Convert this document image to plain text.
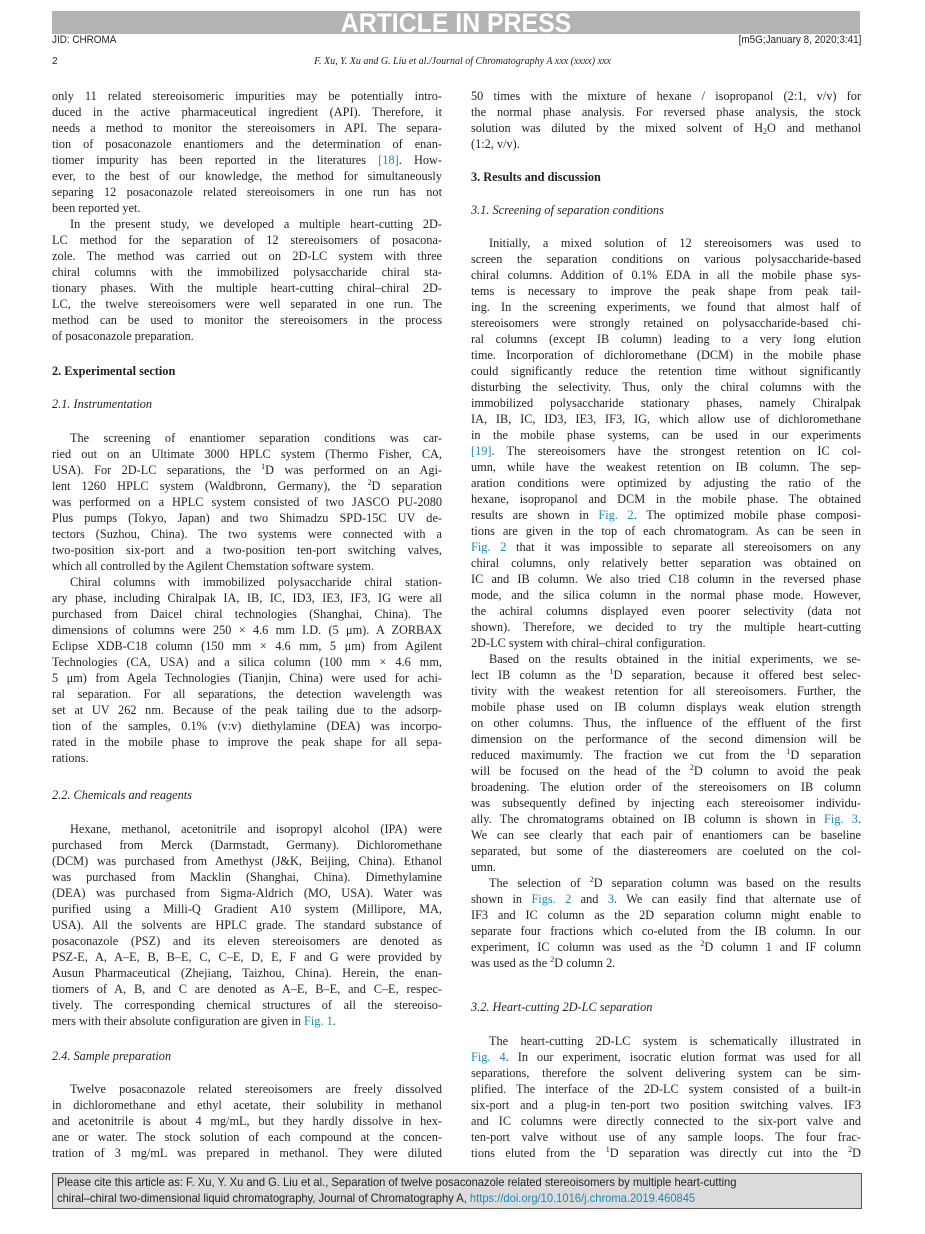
ARTICLE IN PRESS
JID: CHROMA	[m5G;January 8, 2020;3:41]
2	F. Xu, Y. Xu and G. Liu et al./Journal of Chromatography A xxx (xxxx) xxx
only 11 related stereoisomeric impurities may be potentially intro-
duced in the active pharmaceutical ingredient (API). Therefore, it
needs a method to monitor the stereoisomers in API. The separa-
tion of posaconazole enantiomers and the determination of enan-
tiomer impurity has been reported in the literatures [18]. How-
ever, to the best of our knowledge, the method for simultaneously
separing 12 posaconazole related stereoisomers in one run has not
been reported yet.
In the present study, we developed a multiple heart-cutting 2D-
LC method for the separation of 12 stereoisomers of posacona-
zole. The method was carried out on 2D-LC system with three
chiral columns with the immobilized polysaccharide chiral sta-
tionary phases. With the multiple heart-cutting chiral–chiral 2D-
LC, the twelve stereoisomers were well separated in one run. The
method can be used to monitor the stereoisomers in the process
of posaconazole preparation.
2. Experimental section
2.1. Instrumentation
The screening of enantiomer separation conditions was car-
ried out on an Ultimate 3000 HPLC system (Thermo Fisher, CA,
USA). For 2D-LC separations, the $^1$D was performed on an Agi-
lent 1260 HPLC system (Waldbronn, Germany), the $^2$D separation
was performed on a HPLC system consisted of two JASCO PU-2080
Plus pumps (Tokyo, Japan) and two Shimadzu SPD-15C UV de-
tectors (Suzhou, China). The two systems were connected with a
two-position six-port and a two-position ten-port switching valves,
which all controlled by the Agilent Chemstation software system.
Chiral columns with immobilized polysaccharide chiral station-
ary phase, including Chiralpak IA, IB, IC, ID3, IE3, IF3, IG were all
purchased from Daicel chiral technologies (Shanghai, China). The
dimensions of columns were 250 × 4.6 mm I.D. (5 μm). A ZORBAX
Eclipse XDB-C18 column (150 mm × 4.6 mm, 5 μm) from Agilent
Technologies (CA, USA) and a silica column (100 mm × 4.6 mm,
5 μm) from Agela Technologies (Tianjin, China) were used for achi-
ral separation. For all separations, the detection wavelength was
set at UV 262 nm. Because of the peak tailing due to the adsorp-
tion of the samples, 0.1% (v:v) diethylamine (DEA) was incorpo-
rated in the mobile phase to improve the peak shape for all sepa-
rations.
2.2. Chemicals and reagents
Hexane, methanol, acetonitrile and isopropyl alcohol (IPA) were
purchased from Merck (Darmstadt, Germany). Dichloromethane
(DCM) was purchased from Amethyst (J&K, Beijing, China). Ethanol
was purchased from Macklin (Shanghai, China). Dimethylamine
(DEA) was purchased from Sigma-Aldrich (MO, USA). Water was
purified using a Milli-Q Gradient A10 system (Millipore, MA,
USA). All the solvents are HPLC grade. The standard substance of
posaconazole (PSZ) and its eleven stereoisomers are denoted as
PSZ-E, A, A–E, B, B–E, C, C–E, D, E, F and G were provided by
Ausun Pharmaceutical (Zhejiang, Taizhou, China). Herein, the enan-
tiomers of A, B, and C are denoted as A–E, B–E, and C–E, respec-
tively. The corresponding chemical structures of all the stereoiso-
mers with their absolute configuration are given in Fig. 1.
2.4. Sample preparation
Twelve posaconazole related stereoisomers are freely dissolved
in dichloromethane and ethyl acetate, their solubility in methanol
and acetonitrile is about 4 mg/mL, but they hardly dissolve in hex-
ane or water. The stock solution of each compound at the concen-
tration of 3 mg/mL was prepared in methanol. They were diluted
50 times with the mixture of hexane / isopropanol (2:1, v/v) for
the normal phase analysis. For reversed phase analysis, the stock
solution was diluted by the mixed solvent of $H_2O$ and methanol
(1:2, v/v).
3. Results and discussion
3.1. Screening of separation conditions
Initially, a mixed solution of 12 stereoisomers was used to
screen the separation conditions on various polysaccharide-based
chiral columns. Addition of 0.1% EDA in all the mobile phase sys-
tems is necessary to improve the peak shape from peak tail-
ing. In the screening experiments, we found that almost half of
stereoisomers were strongly retained on polysaccharide-based chi-
ral columns (except IB column) leading to a very long elution
time. Incorporation of dichloromethane (DCM) in the mobile phase
could significantly reduce the retention time without significantly
disturbing the selectivity. Thus, only the chiral columns with the
immobilized polysaccharide stationary phases, namely Chiralpak
IA, IB, IC, ID3, IE3, IF3, IG, which allow use of dichloromethane
in the mobile phase systems, can be used in our experiments
[19]. The stereoisomers have the strongest retention on IC col-
umn, while have the weakest retention on IB column. The sep-
aration conditions were optimized by adjusting the ratio of the
hexane, isopropanol and DCM in the mobile phase. The obtained
results are shown in Fig. 2. The optimized mobile phase composi-
tions are given in the top of each chromatogram. As can be seen in
Fig. 2 that it was impossible to separate all stereoisomers on any
chiral columns, only relatively better separation was obtained on
IC and IB column. We also tried C18 column in the reversed phase
mode, and the silica column in the normal phase mode. However,
the achiral columns displayed even poorer selectivity (data not
shown). Therefore, we decided to try the multiple heart-cutting
2D-LC system with chiral–chiral configuration.
Based on the results obtained in the initial experiments, we se-
lect IB column as the $^1$D separation, because it offered best selec-
tivity with the weakest retention for all stereoisomers. Further, the
mobile phase used on IB column displays weak elution strength
on other columns. Thus, the influence of the effluent of the first
dimension on the performance of the second dimension will be
reduced maximumly. The fraction we cut from the $^1$D separation
will be focused on the head of the $^2$D column to avoid the peak
broadening. The elution order of the stereoisomers on IB column
was subsequently defined by injecting each stereoisomer individu-
ally. The chromatograms obtained on IB column is shown in Fig. 3.
We can see clearly that each pair of enantiomers can be baseline
separated, but some of the diastereomers are coeluted on the col-
umn.
The selection of $^2$D separation column was based on the results
shown in Figs. 2 and 3. We can easily find that alternate use of
IF3 and IC column as the 2D separation column might enable to
separate four fractions which co-eluted from the IB column. In our
experiment, IC column was used as the $^2$D column 1 and IF column
was used as the $^2$D column 2.
3.2. Heart-cutting 2D-LC separation
The heart-cutting 2D-LC system is schematically illustrated in
Fig. 4. In our experiment, isocratic elution format was used for all
separations, therefore the solvent delivering system can be sim-
plified. The interface of the 2D-LC system consisted of a built-in
six-port and a plug-in ten-port two position switching valves. IF3
and IC columns were directly connected to the six-port valve and
ten-port valve without use of any sample loops. The four frac-
tions eluted from the $^1$D separation was directly cut into the $^2$D
Please cite this article as: F. Xu, Y. Xu and G. Liu et al., Separation of twelve posaconazole related stereoisomers by multiple heart-cutting
chiral–chiral two-dimensional liquid chromatography, Journal of Chromatography A, https://doi.org/10.1016/j.chroma.2019.460845
